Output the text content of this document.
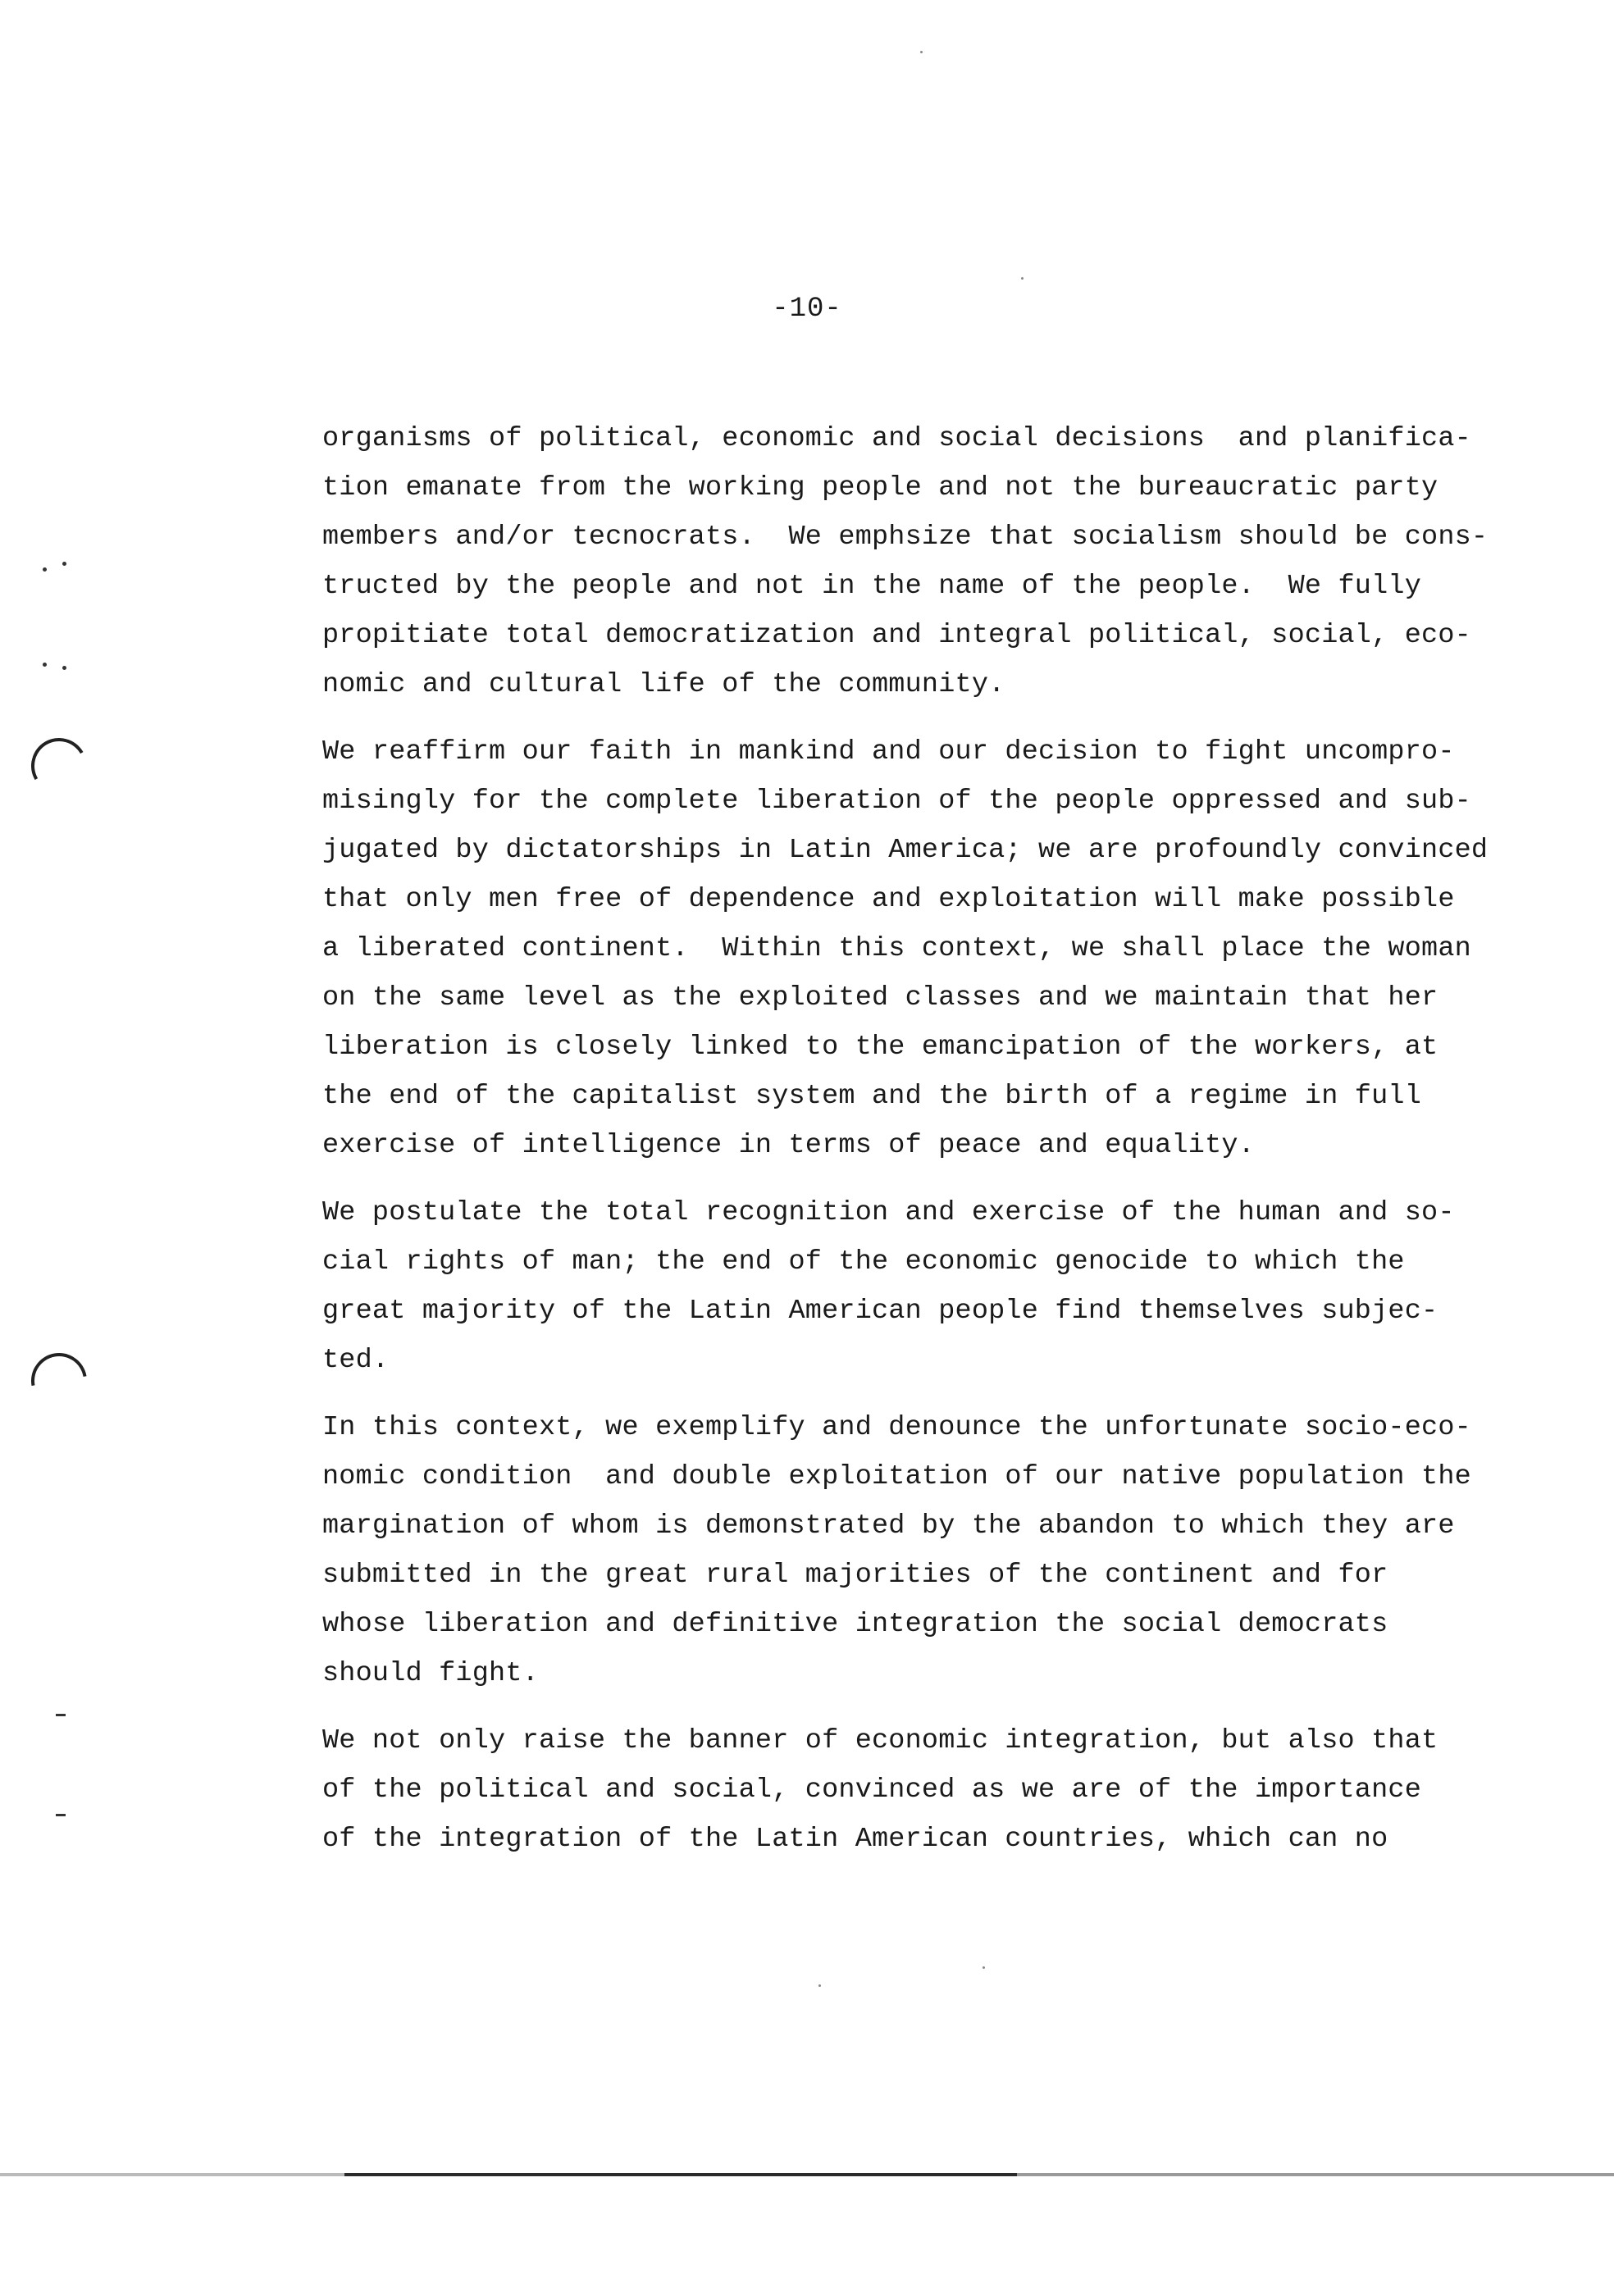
-10-
organisms of political, economic and social decisions  and planifica-
tion emanate from the working people and not the bureaucratic party
members and/or tecnocrats.  We emphsize that socialism should be cons-
tructed by the people and not in the name of the people.  We fully
propitiate total democratization and integral political, social, eco-
nomic and cultural life of the community.
We reaffirm our faith in mankind and our decision to fight uncompro-
misingly for the complete liberation of the people oppressed and sub-
jugated by dictatorships in Latin America; we are profoundly convinced
that only men free of dependence and exploitation will make possible
a liberated continent.  Within this context, we shall place the woman
on the same level as the exploited classes and we maintain that her
liberation is closely linked to the emancipation of the workers, at
the end of the capitalist system and the birth of a regime in full
exercise of intelligence in terms of peace and equality.
We postulate the total recognition and exercise of the human and so-
cial rights of man; the end of the economic genocide to which the
great majority of the Latin American people find themselves subjec-
ted.
In this context, we exemplify and denounce the unfortunate socio-eco-
nomic condition  and double exploitation of our native population the
margination of whom is demonstrated by the abandon to which they are
submitted in the great rural majorities of the continent and for
whose liberation and definitive integration the social democrats
should fight.
We not only raise the banner of economic integration, but also that
of the political and social, convinced as we are of the importance
of the integration of the Latin American countries, which can no
